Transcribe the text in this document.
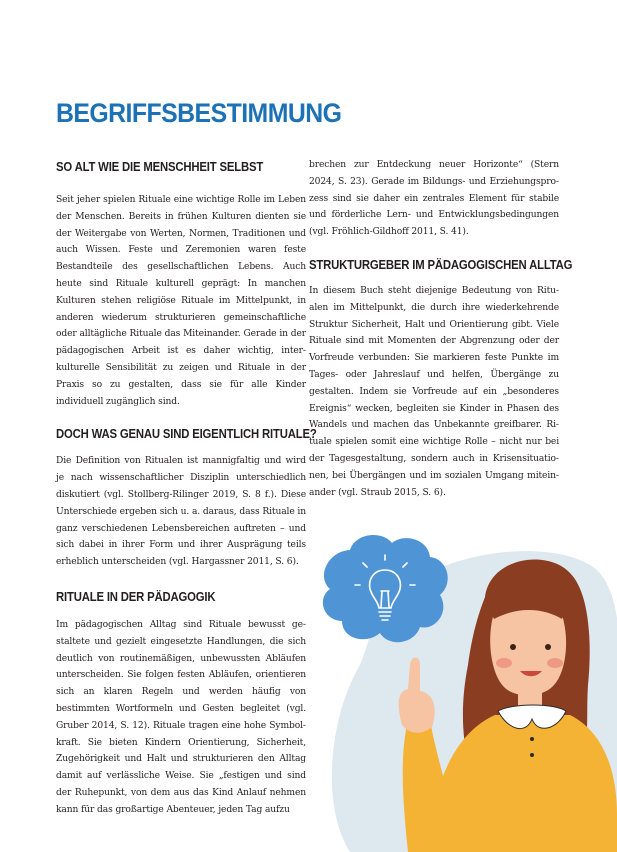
BEGRIFFSBESTIMMUNG
SO ALT WIE DIE MENSCHHEIT SELBST

Seit jeher spielen Rituale eine wichtige Rolle im Leben der Menschen. Bereits in frühen Kulturen dienten sie der Weitergabe von Werten, Normen, Traditionen und auch Wissen. Feste und Zeremonien waren feste Bestandteile des gesellschaftlichen Lebens. Auch heute sind Rituale kulturell geprägt: In manchen Kulturen stehen religiöse Rituale im Mittelpunkt, in anderen wiederum strukturieren gemeinschaftliche oder alltägliche Rituale das Miteinander. Gerade in der pädagogischen Arbeit ist es daher wichtig, interkulturelle Sensibilität zu zeigen und Rituale in der Praxis so zu gestalten, dass sie für alle Kinder individuell zugänglich sind.

DOCH WAS GENAU SIND EIGENTLICH RITUALE?

Die Definition von Ritualen ist mannigfaltig und wird je nach wissenschaftlicher Disziplin unterschiedlich diskutiert (vgl. Stollberg-Rilinger 2019, S. 8 f.). Diese Unterschiede ergeben sich u. a. daraus, dass Rituale in ganz verschiedenen Lebensbereichen auftreten – und sich dabei in ihrer Form und ihrer Ausprägung teils erheblich unterscheiden (vgl. Hargassner 2011, S. 6).

RITUALE IN DER PÄDAGOGIK

Im pädagogischen Alltag sind Rituale bewusst gestaltete und gezielt eingesetzte Handlungen, die sich deutlich von routinemäßigen, unbewussten Abläufen unterscheiden. Sie folgen festen Abläufen, orientieren sich an klaren Regeln und werden häufig von bestimmten Wortformeln und Gesten begleitet (vgl. Gruber 2014, S. 12). Rituale tragen eine hohe Symbolkraft. Sie bieten Kindern Orientierung, Sicherheit, Zugehörigkeit und Halt und strukturieren den Alltag damit auf verlässliche Weise. Sie „festigen und sind der Ruhepunkt, von dem aus das Kind Anlauf nehmen kann für das großartige Abenteuer, jeden Tag aufzu

brechen zur Entdeckung neuer Horizonte“ (Stern 2024, S. 23). Gerade im Bildungs- und Erziehungsprozess sind sie daher ein zentrales Element für stabile und förderliche Lern- und Entwicklungsbedingungen (vgl. Fröhlich-Gildhoff 2011, S. 41).

STRUKTURGEBER IM PÄDAGOGISCHEN ALLTAG

In diesem Buch steht diejenige Bedeutung von Ritualen im Mittelpunkt, die durch ihre wiederkehrende Struktur Sicherheit, Halt und Orientierung gibt. Viele Rituale sind mit Momenten der Abgrenzung oder der Vorfreude verbunden: Sie markieren feste Punkte im Tages- oder Jahreslauf und helfen, Übergänge zu gestalten. Indem sie Vorfreude auf ein „besonderes Ereignis“ wecken, begleiten sie Kinder in Phasen des Wandels und machen das Unbekannte greifbarer. Rituale spielen somit eine wichtige Rolle – nicht nur bei der Tagesgestaltung, sondern auch in Krisensituationen, bei Übergängen und im sozialen Umgang miteinander (vgl. Straub 2015, S. 6).
